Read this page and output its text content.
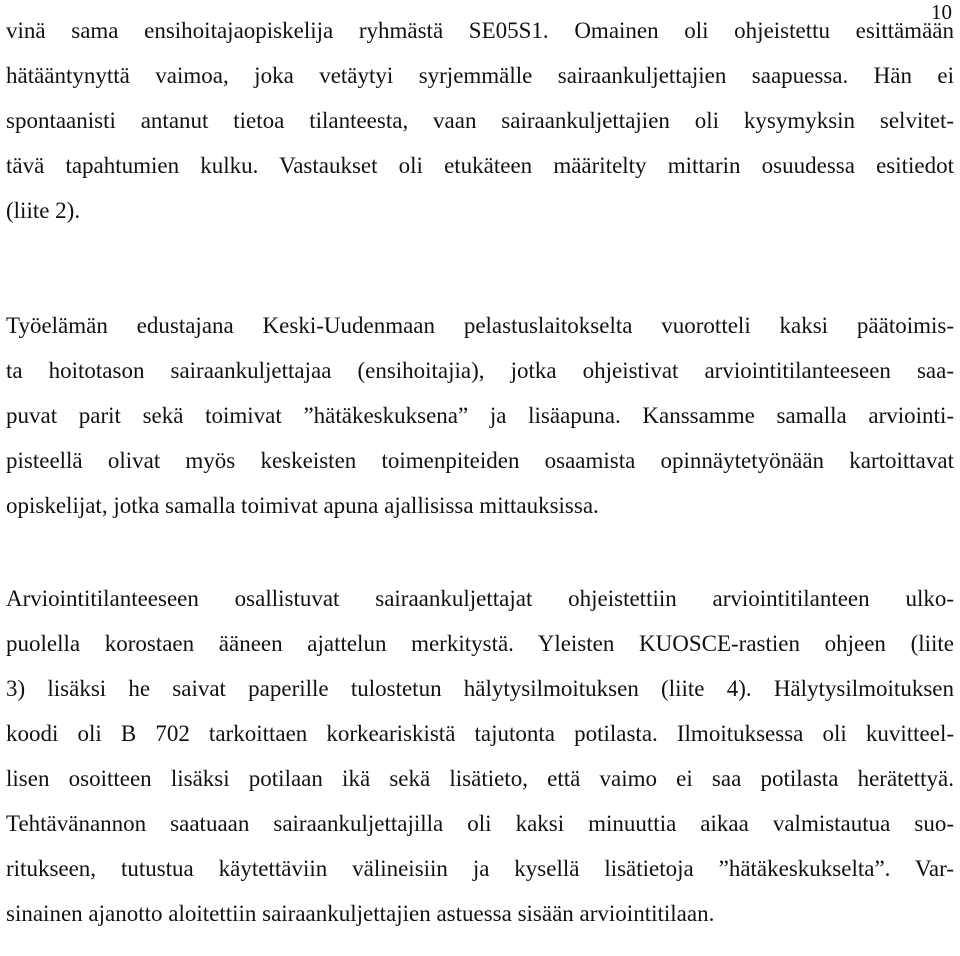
10
vinä sama ensihoitajaopiskelija ryhmästä SE05S1. Omainen oli ohjeistettu esittämään
hätääntynyttä vaimoa, joka vetäytyi syrjemmälle sairaankuljettajien saapuessa. Hän ei
spontaanisti antanut tietoa tilanteesta, vaan sairaankuljettajien oli kysymyksin selvitet-
tävä tapahtumien kulku. Vastaukset oli etukäteen määritelty mittarin osuudessa esitiedot
(liite 2).
Työelämän edustajana Keski-Uudenmaan pelastuslaitokselta vuorotteli kaksi päätoimis-
ta hoitotason sairaankuljettajaa (ensihoitajia), jotka ohjeistivat arviointitilanteeseen saa-
puvat parit sekä toimivat ”hätäkeskuksena” ja lisäapuna. Kanssamme samalla arviointi-
pisteellä olivat myös keskeisten toimenpiteiden osaamista opinnäytetyönään kartoittavat
opiskelijat, jotka samalla toimivat apuna ajallisissa mittauksissa.
Arviointitilanteeseen osallistuvat sairaankuljettajat ohjeistettiin arviointitilanteen ulko-
puolella korostaen ääneen ajattelun merkitystä. Yleisten KUOSCE-rastien ohjeen (liite
3) lisäksi he saivat paperille tulostetun hälytysilmoituksen (liite 4). Hälytysilmoituksen
koodi oli B 702 tarkoittaen korkeariskistä tajutonta potilasta. Ilmoituksessa oli kuvitteel-
lisen osoitteen lisäksi potilaan ikä sekä lisätieto, että vaimo ei saa potilasta herätettyä.
Tehtävänannon saatuaan sairaankuljettajilla oli kaksi minuuttia aikaa valmistautua suo-
ritukseen, tutustua käytettäviin välineisiin ja kysellä lisätietoja ”hätäkeskukselta”. Var-
sinainen ajanotto aloitettiin sairaankuljettajien astuessa sisään arviointitilaan.
